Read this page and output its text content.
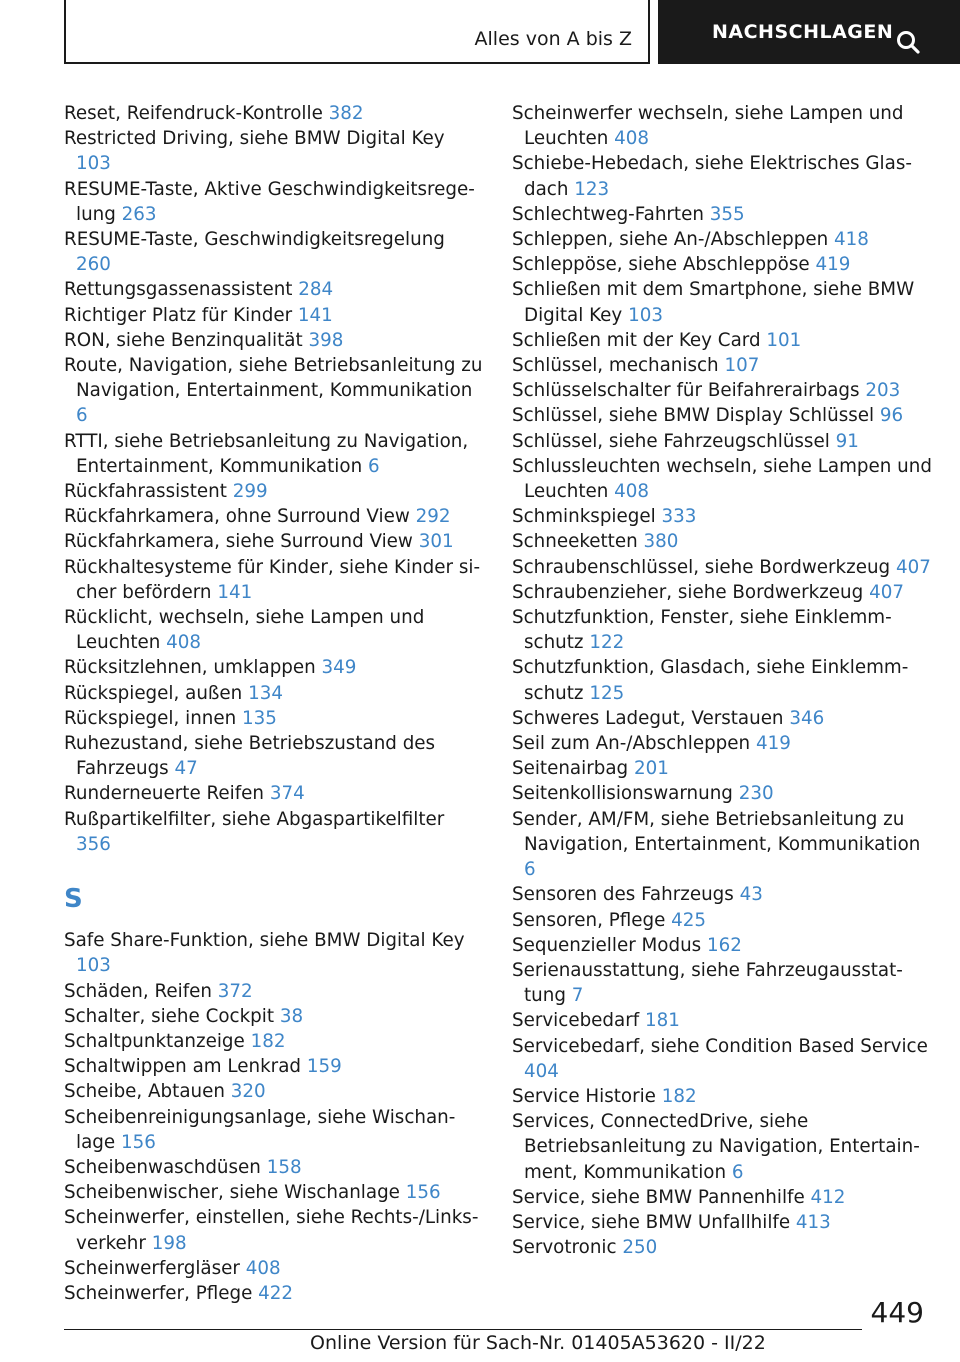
Alles von A bis Z	NACHSCHLAGEN
Reset, Reifendruck-Kontrolle 382
Restricted Driving, siehe BMW Digital Key 103
RESUME-Taste, Aktive Geschwindigkeitsregelung 263
RESUME-Taste, Geschwindigkeitsregelung 260
Rettungsgassenassistent 284
Richtiger Platz für Kinder 141
RON, siehe Benzinqualität 398
Route, Navigation, siehe Betriebsanleitung zu Navigation, Entertainment, Kommunikation 6
RTTI, siehe Betriebsanleitung zu Navigation, Entertainment, Kommunikation 6
Rückfahrassistent 299
Rückfahrkamera, ohne Surround View 292
Rückfahrkamera, siehe Surround View 301
Rückhaltesysteme für Kinder, siehe Kinder sicher befördern 141
Rücklicht, wechseln, siehe Lampen und Leuchten 408
Rücksitzlehnen, umklappen 349
Rückspiegel, außen 134
Rückspiegel, innen 135
Ruhezustand, siehe Betriebszustand des Fahrzeugs 47
Runderneuerte Reifen 374
Rußpartikelfilter, siehe Abgaspartikelfilter 356
S
Safe Share-Funktion, siehe BMW Digital Key 103
Schäden, Reifen 372
Schalter, siehe Cockpit 38
Schaltpunktanzeige 182
Schaltwippen am Lenkrad 159
Scheibe, Abtauen 320
Scheibenreinigungsanlage, siehe Wischanlage 156
Scheibenwaschdüsen 158
Scheibenwischer, siehe Wischanlage 156
Scheinwerfer, einstellen, siehe Rechts-/Linksverkehr 198
Scheinwerfergläser 408
Scheinwerfer, Pflege 422
Scheinwerfer wechseln, siehe Lampen und Leuchten 408
Schiebe-Hebedach, siehe Elektrisches Glasdach 123
Schlechtweg-Fahrten 355
Schleppen, siehe An-/Abschleppen 418
Schleppöse, siehe Abschleppöse 419
Schließen mit dem Smartphone, siehe BMW Digital Key 103
Schließen mit der Key Card 101
Schlüssel, mechanisch 107
Schlüsselschalter für Beifahrerairbags 203
Schlüssel, siehe BMW Display Schlüssel 96
Schlüssel, siehe Fahrzeugschlüssel 91
Schlussleuchten wechseln, siehe Lampen und Leuchten 408
Schminkspiegel 333
Schneeketten 380
Schraubenschlüssel, siehe Bordwerkzeug 407
Schraubenzieher, siehe Bordwerkzeug 407
Schutzfunktion, Fenster, siehe Einklemmschutz 122
Schutzfunktion, Glasdach, siehe Einklemmschutz 125
Schweres Ladegut, Verstauen 346
Seil zum An-/Abschleppen 419
Seitenairbag 201
Seitenkollisionswarnung 230
Sender, AM/FM, siehe Betriebsanleitung zu Navigation, Entertainment, Kommunikation 6
Sensoren des Fahrzeugs 43
Sensoren, Pflege 425
Sequenzieller Modus 162
Serienausstattung, siehe Fahrzeugausstattung 7
Servicebedarf 181
Servicebedarf, siehe Condition Based Service 404
Service Historie 182
Services, ConnectedDrive, siehe Betriebsanleitung zu Navigation, Entertainment, Kommunikation 6
Service, siehe BMW Pannenhilfe 412
Service, siehe BMW Unfallhilfe 413
Servotronic 250
449
Online Version für Sach-Nr. 01405A53620 - II/22
